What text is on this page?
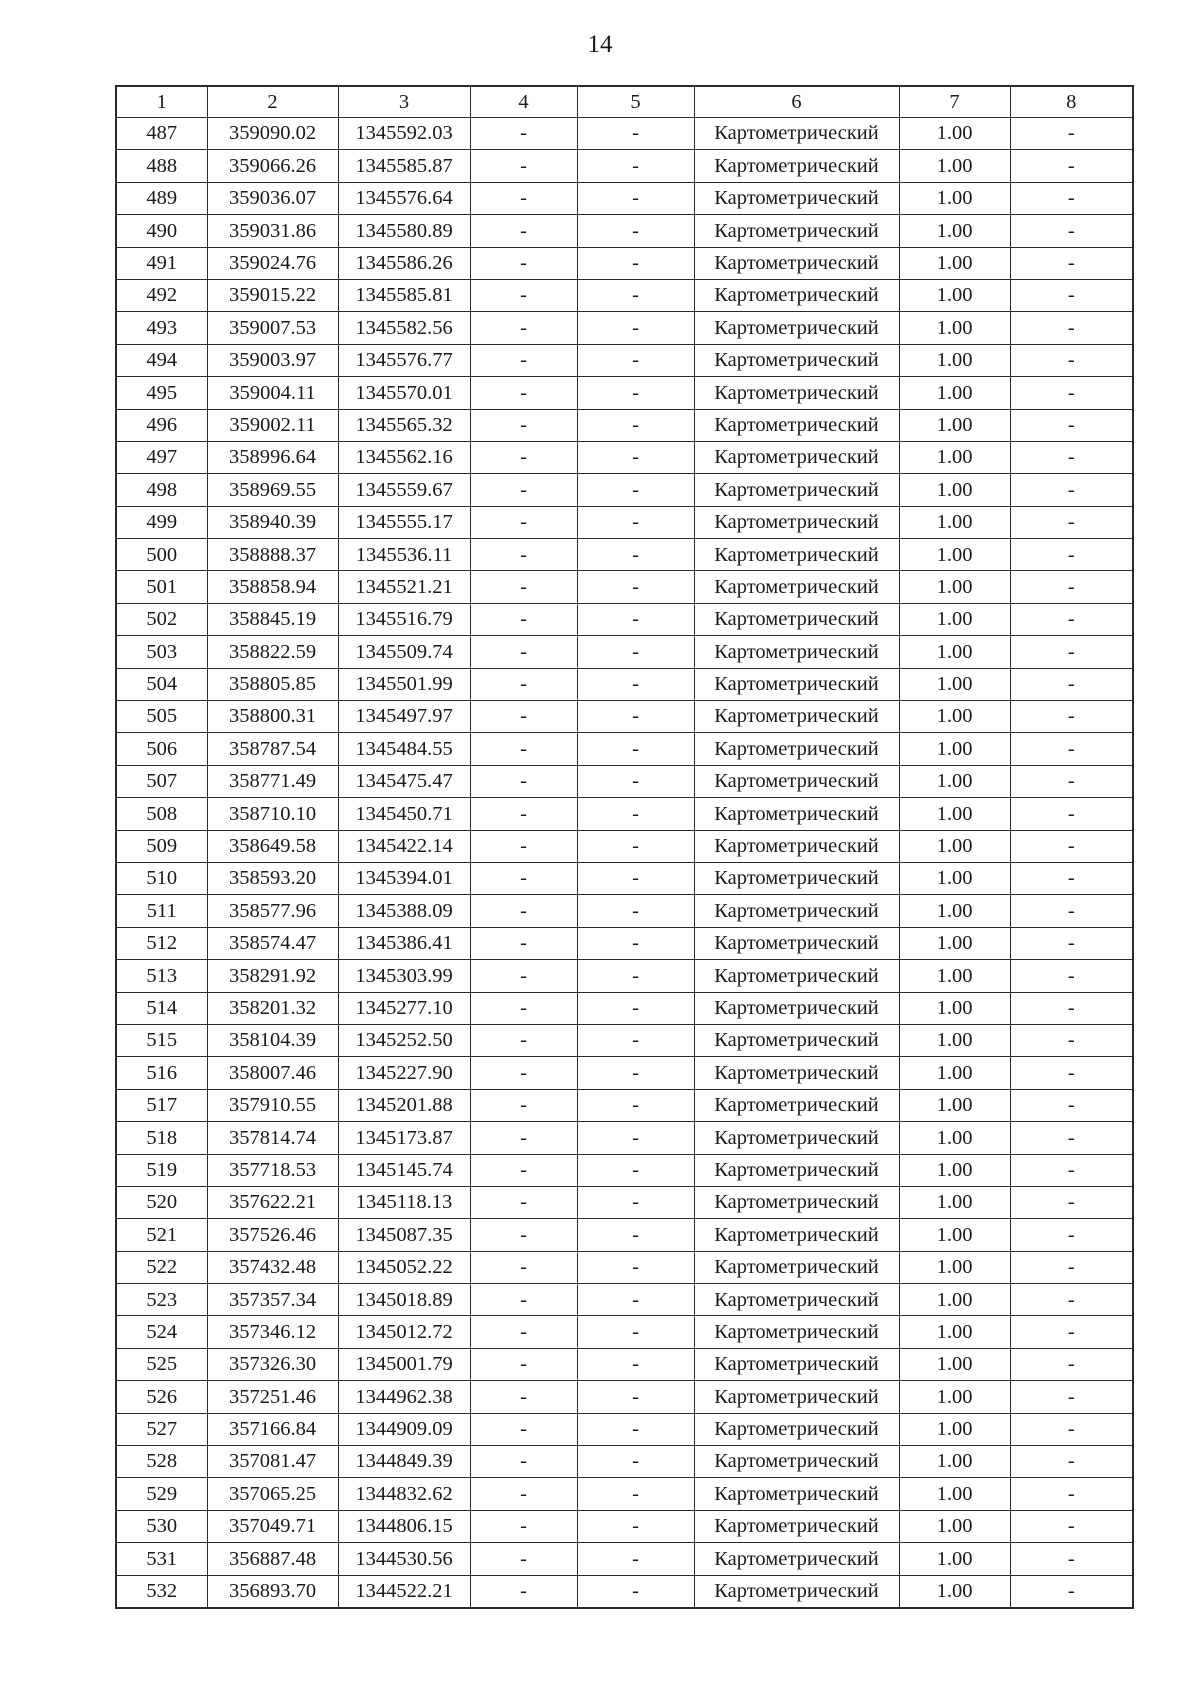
14
1	2	3	4	5	6	7	8
487	359090.02	1345592.03	-	-	Картометрический	1.00	-
488	359066.26	1345585.87	-	-	Картометрический	1.00	-
489	359036.07	1345576.64	-	-	Картометрический	1.00	-
490	359031.86	1345580.89	-	-	Картометрический	1.00	-
491	359024.76	1345586.26	-	-	Картометрический	1.00	-
492	359015.22	1345585.81	-	-	Картометрический	1.00	-
493	359007.53	1345582.56	-	-	Картометрический	1.00	-
494	359003.97	1345576.77	-	-	Картометрический	1.00	-
495	359004.11	1345570.01	-	-	Картометрический	1.00	-
496	359002.11	1345565.32	-	-	Картометрический	1.00	-
497	358996.64	1345562.16	-	-	Картометрический	1.00	-
498	358969.55	1345559.67	-	-	Картометрический	1.00	-
499	358940.39	1345555.17	-	-	Картометрический	1.00	-
500	358888.37	1345536.11	-	-	Картометрический	1.00	-
501	358858.94	1345521.21	-	-	Картометрический	1.00	-
502	358845.19	1345516.79	-	-	Картометрический	1.00	-
503	358822.59	1345509.74	-	-	Картометрический	1.00	-
504	358805.85	1345501.99	-	-	Картометрический	1.00	-
505	358800.31	1345497.97	-	-	Картометрический	1.00	-
506	358787.54	1345484.55	-	-	Картометрический	1.00	-
507	358771.49	1345475.47	-	-	Картометрический	1.00	-
508	358710.10	1345450.71	-	-	Картометрический	1.00	-
509	358649.58	1345422.14	-	-	Картометрический	1.00	-
510	358593.20	1345394.01	-	-	Картометрический	1.00	-
511	358577.96	1345388.09	-	-	Картометрический	1.00	-
512	358574.47	1345386.41	-	-	Картометрический	1.00	-
513	358291.92	1345303.99	-	-	Картометрический	1.00	-
514	358201.32	1345277.10	-	-	Картометрический	1.00	-
515	358104.39	1345252.50	-	-	Картометрический	1.00	-
516	358007.46	1345227.90	-	-	Картометрический	1.00	-
517	357910.55	1345201.88	-	-	Картометрический	1.00	-
518	357814.74	1345173.87	-	-	Картометрический	1.00	-
519	357718.53	1345145.74	-	-	Картометрический	1.00	-
520	357622.21	1345118.13	-	-	Картометрический	1.00	-
521	357526.46	1345087.35	-	-	Картометрический	1.00	-
522	357432.48	1345052.22	-	-	Картометрический	1.00	-
523	357357.34	1345018.89	-	-	Картометрический	1.00	-
524	357346.12	1345012.72	-	-	Картометрический	1.00	-
525	357326.30	1345001.79	-	-	Картометрический	1.00	-
526	357251.46	1344962.38	-	-	Картометрический	1.00	-
527	357166.84	1344909.09	-	-	Картометрический	1.00	-
528	357081.47	1344849.39	-	-	Картометрический	1.00	-
529	357065.25	1344832.62	-	-	Картометрический	1.00	-
530	357049.71	1344806.15	-	-	Картометрический	1.00	-
531	356887.48	1344530.56	-	-	Картометрический	1.00	-
532	356893.70	1344522.21	-	-	Картометрический	1.00	-
